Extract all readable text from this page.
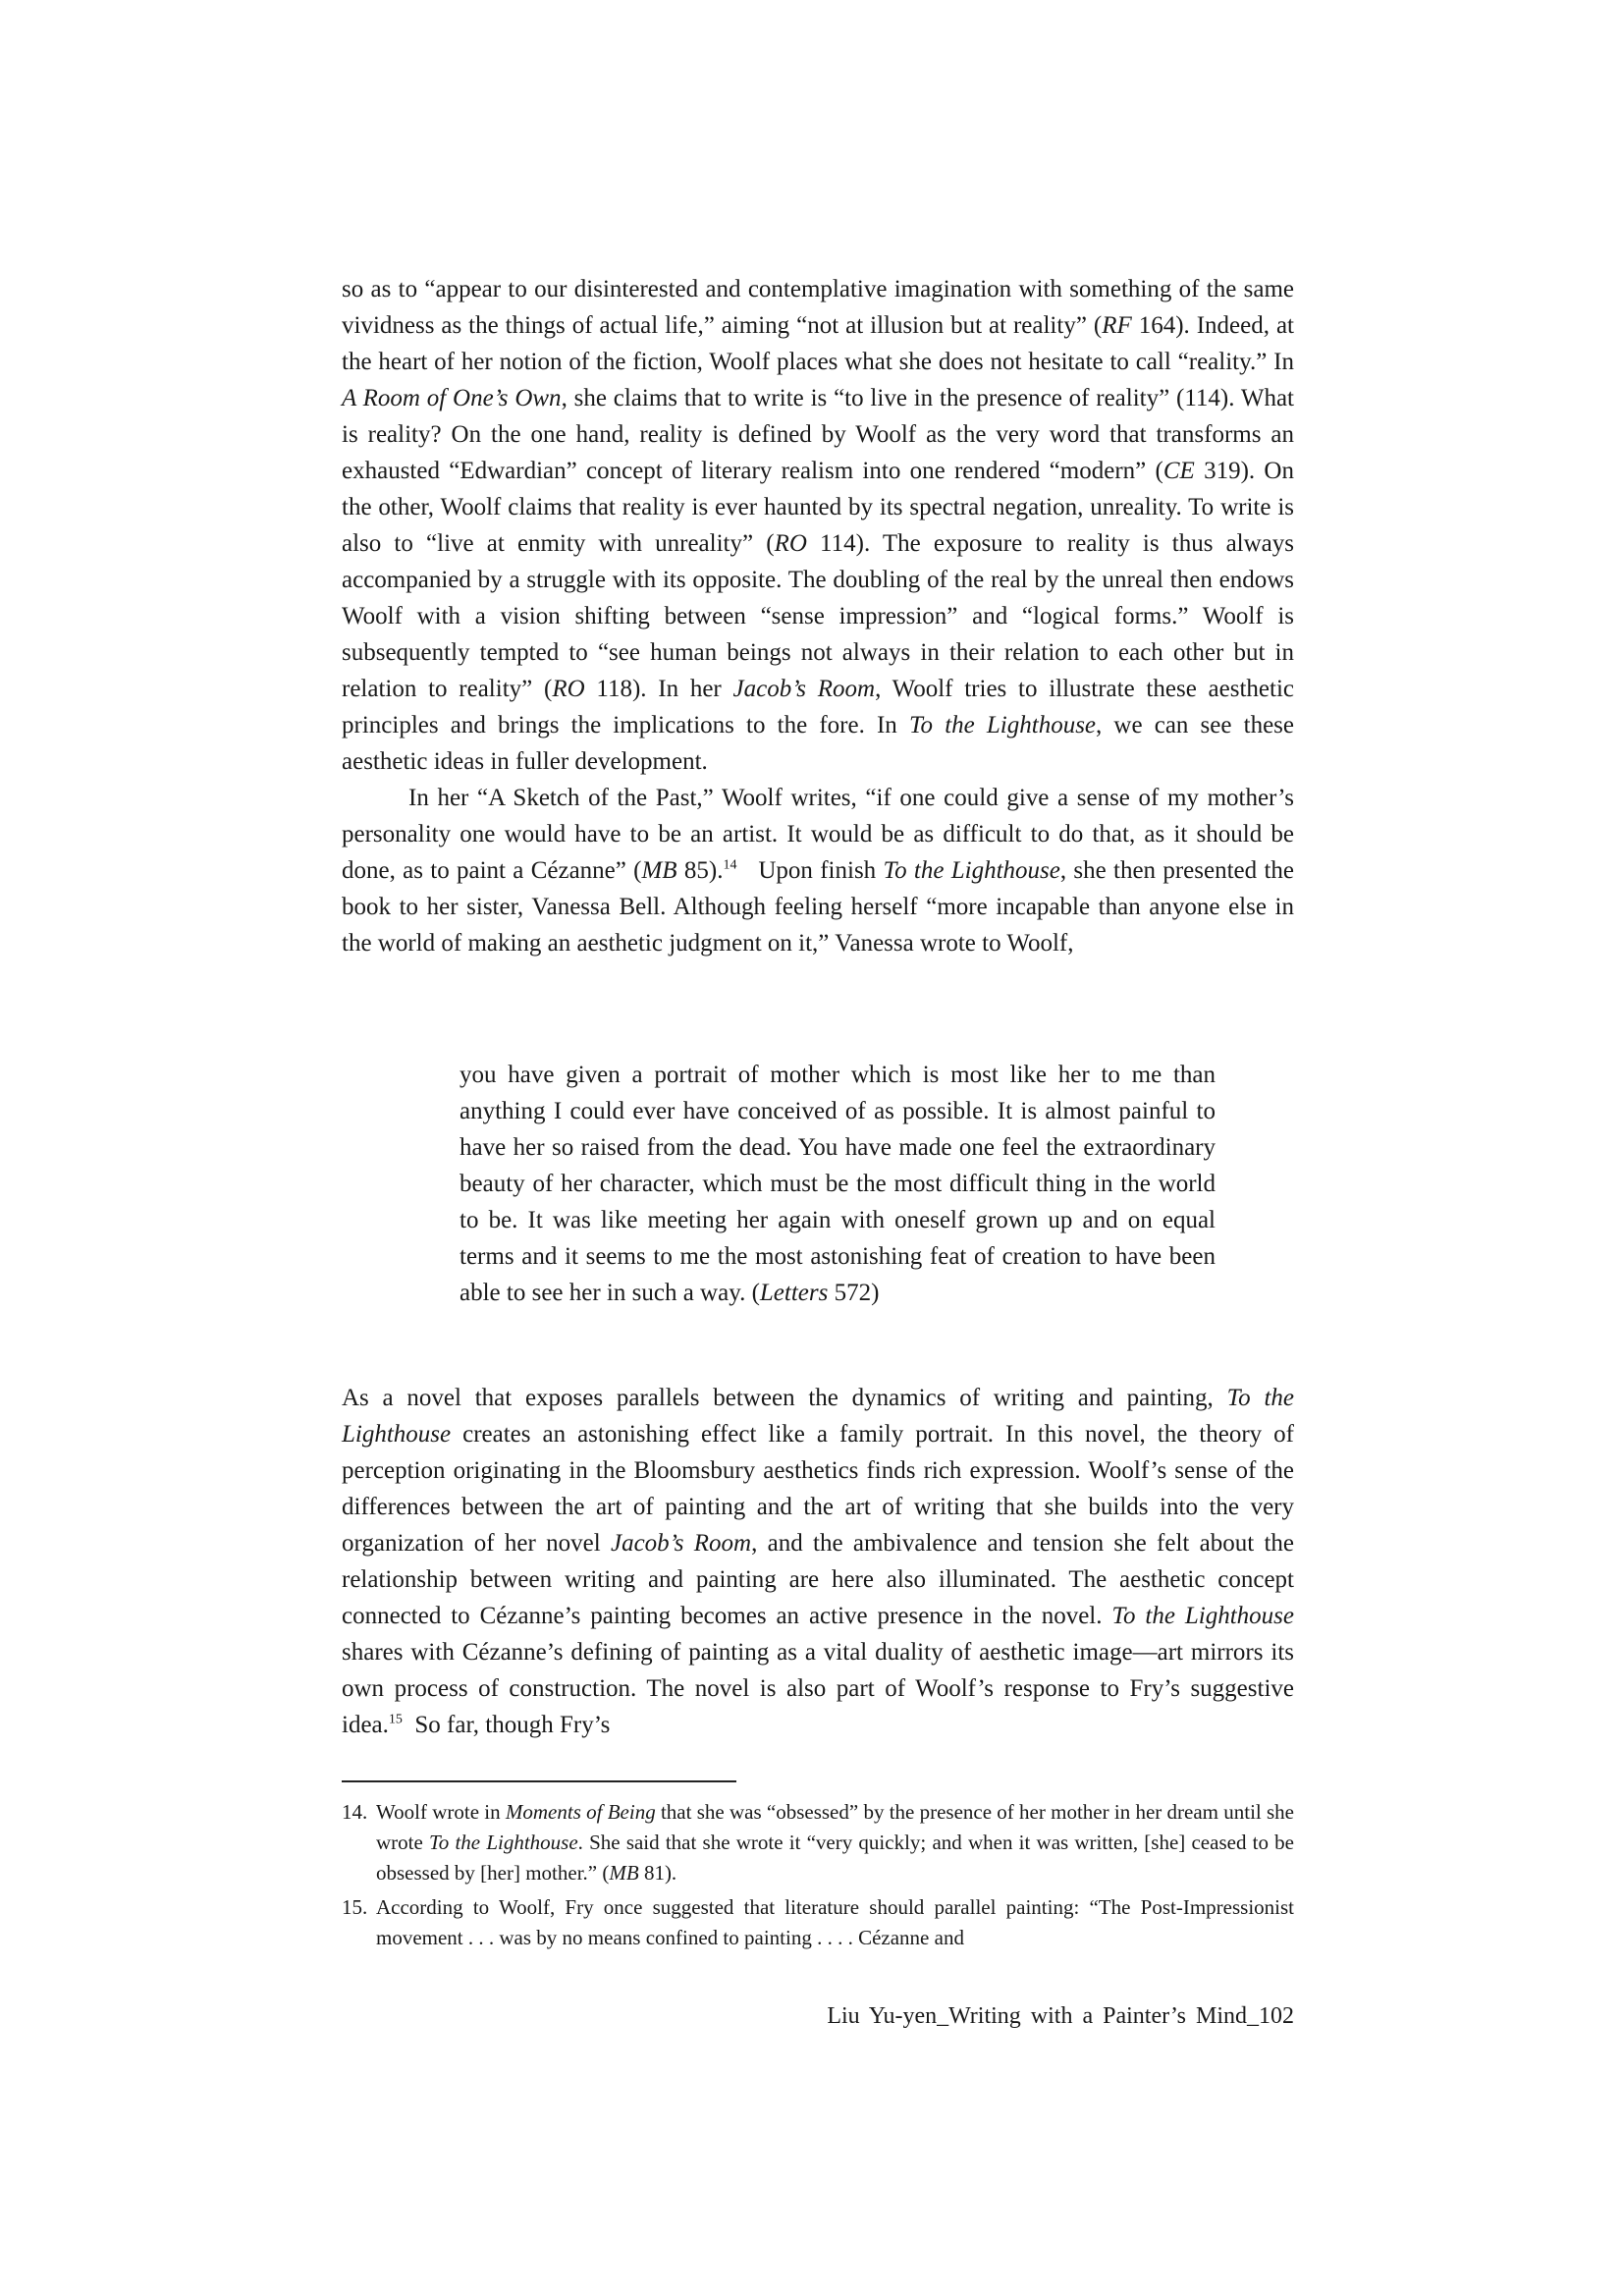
so as to “appear to our disinterested and contemplative imagination with something of the same vividness as the things of actual life,” aiming “not at illusion but at reality” (RF 164). Indeed, at the heart of her notion of the fiction, Woolf places what she does not hesitate to call “reality.” In A Room of One’s Own, she claims that to write is “to live in the presence of reality” (114). What is reality? On the one hand, reality is defined by Woolf as the very word that transforms an exhausted “Edwardian” concept of literary realism into one rendered “modern” (CE 319). On the other, Woolf claims that reality is ever haunted by its spectral negation, unreality. To write is also to “live at enmity with unreality” (RO 114). The exposure to reality is thus always accompanied by a struggle with its opposite. The doubling of the real by the unreal then endows Woolf with a vision shifting between “sense impression” and “logical forms.” Woolf is subsequently tempted to “see human beings not always in their relation to each other but in relation to reality” (RO 118). In her Jacob’s Room, Woolf tries to illustrate these aesthetic principles and brings the implications to the fore. In To the Lighthouse, we can see these aesthetic ideas in fuller development.

In her “A Sketch of the Past,” Woolf writes, “if one could give a sense of my mother’s personality one would have to be an artist. It would be as difficult to do that, as it should be done, as to paint a Cézanne” (MB 85).$^{14}$   Upon finish To the Lighthouse, she then presented the book to her sister, Vanessa Bell. Although feeling herself “more incapable than anyone else in the world of making an aesthetic judgment on it,” Vanessa wrote to Woolf,

you have given a portrait of mother which is most like her to me than anything I could ever have conceived of as possible. It is almost painful to have her so raised from the dead. You have made one feel the extraordinary beauty of her character, which must be the most difficult thing in the world to be. It was like meeting her again with oneself grown up and on equal terms and it seems to me the most astonishing feat of creation to have been able to see her in such a way. (Letters 572)

As a novel that exposes parallels between the dynamics of writing and painting, To the Lighthouse creates an astonishing effect like a family portrait. In this novel, the theory of perception originating in the Bloomsbury aesthetics finds rich expression. Woolf’s sense of the differences between the art of painting and the art of writing that she builds into the very organization of her novel Jacob’s Room, and the ambivalence and tension she felt about the relationship between writing and painting are here also illuminated. The aesthetic concept connected to Cézanne’s painting becomes an active presence in the novel. To the Lighthouse shares with Cézanne’s defining of painting as a vital duality of aesthetic image—art mirrors its own process of construction. The novel is also part of Woolf’s response to Fry’s suggestive idea.$^{15}$  So far, though Fry’s

14. Woolf wrote in Moments of Being that she was “obsessed” by the presence of her mother in her dream until she wrote To the Lighthouse. She said that she wrote it “very quickly; and when it was written, [she] ceased to be obsessed by [her] mother.” (MB 81).

15. According to Woolf, Fry once suggested that literature should parallel painting: “The Post-Impressionist movement . . . was by no means confined to painting . . . . Cézanne and

Liu Yu-yen_Writing with a Painter’s Mind_102
